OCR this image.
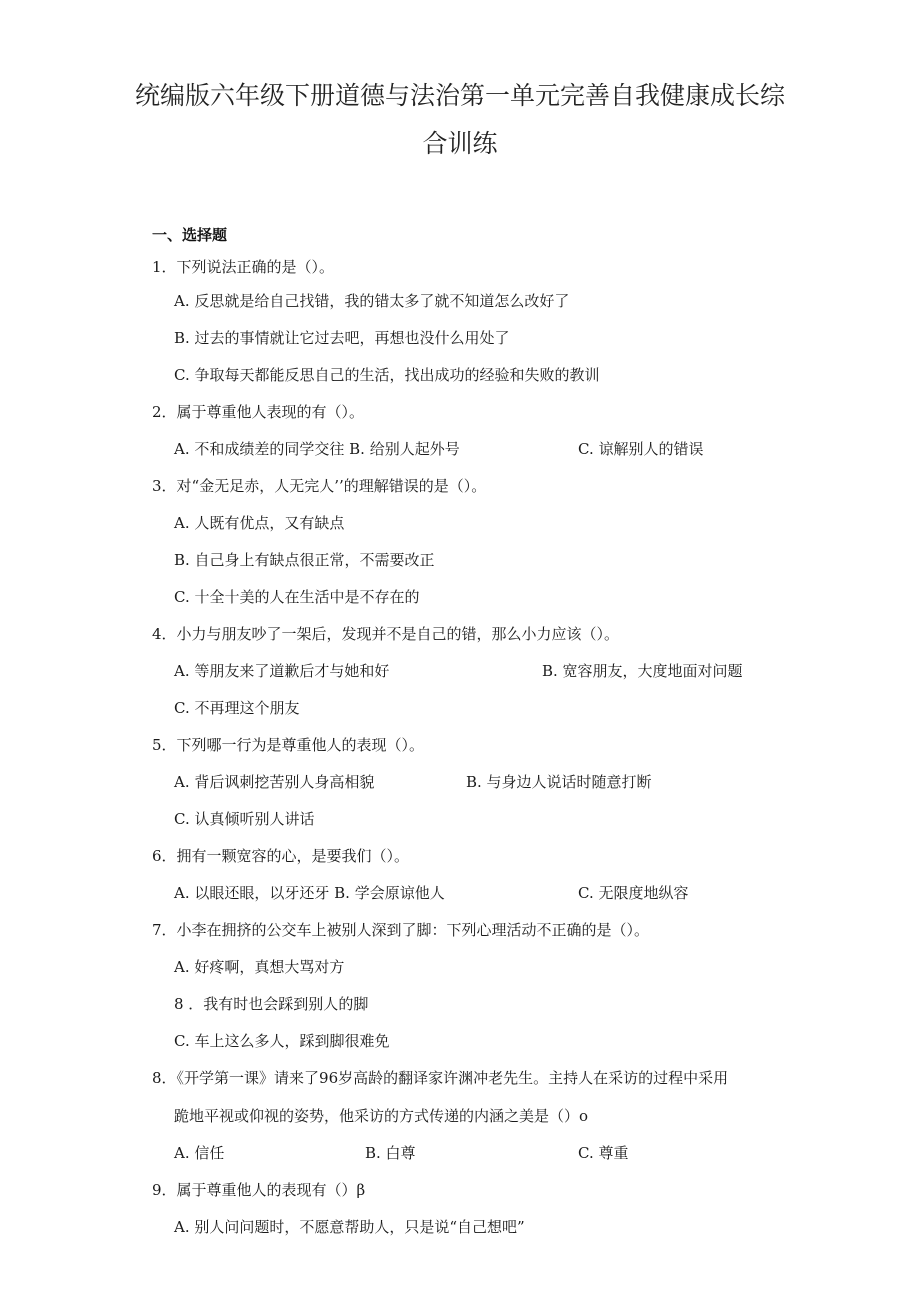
统编版六年级下册道德与法治第一单元完善自我健康成长综
合训练
一、选择题
1．下列说法正确的是（）。
A. 反思就是给自己找错，我的错太多了就不知道怎么改好了
B. 过去的事情就让它过去吧，再想也没什么用处了
C. 争取每天都能反思自己的生活，找出成功的经验和失败的教训
2．属于尊重他人表现的有（）。
A. 不和成绩差的同学交往 B. 给别人起外号	C. 谅解别人的错误
3．对“金无足赤，人无完人’’的理解错误的是（）。
A. 人既有优点，又有缺点
B. 自己身上有缺点很正常，不需要改正
C. 十全十美的人在生活中是不存在的
4．小力与朋友吵了一架后，发现并不是自己的错，那么小力应该（）。
A. 等朋友来了道歉后才与她和好	B. 宽容朋友，大度地面对问题
C. 不再理这个朋友
5．下列哪一行为是尊重他人的表现（）。
A. 背后讽刺挖苦别人身高相貌	B. 与身边人说话时随意打断
C. 认真倾听别人讲话
6．拥有一颗宽容的心，是要我们（）。
A. 以眼还眼，以牙还牙 B. 学会原谅他人	C. 无限度地纵容
7．小李在拥挤的公交车上被别人深到了脚：下列心理活动不正确的是（）。
A. 好疼啊，真想大骂对方
8 ．我有时也会踩到别人的脚
C. 车上这么多人，踩到脚很难免
8．《开学第一课》请来了96岁高龄的翻译家许渊冲老先生。主持人在采访的过程中采用
跪地平视或仰视的姿势，他采访的方式传递的内涵之美是（）o
A. 信任	B. 白尊	C. 尊重
9．属于尊重他人的表现有（）β
A. 别人问问题时，不愿意帮助人，只是说“自己想吧”
